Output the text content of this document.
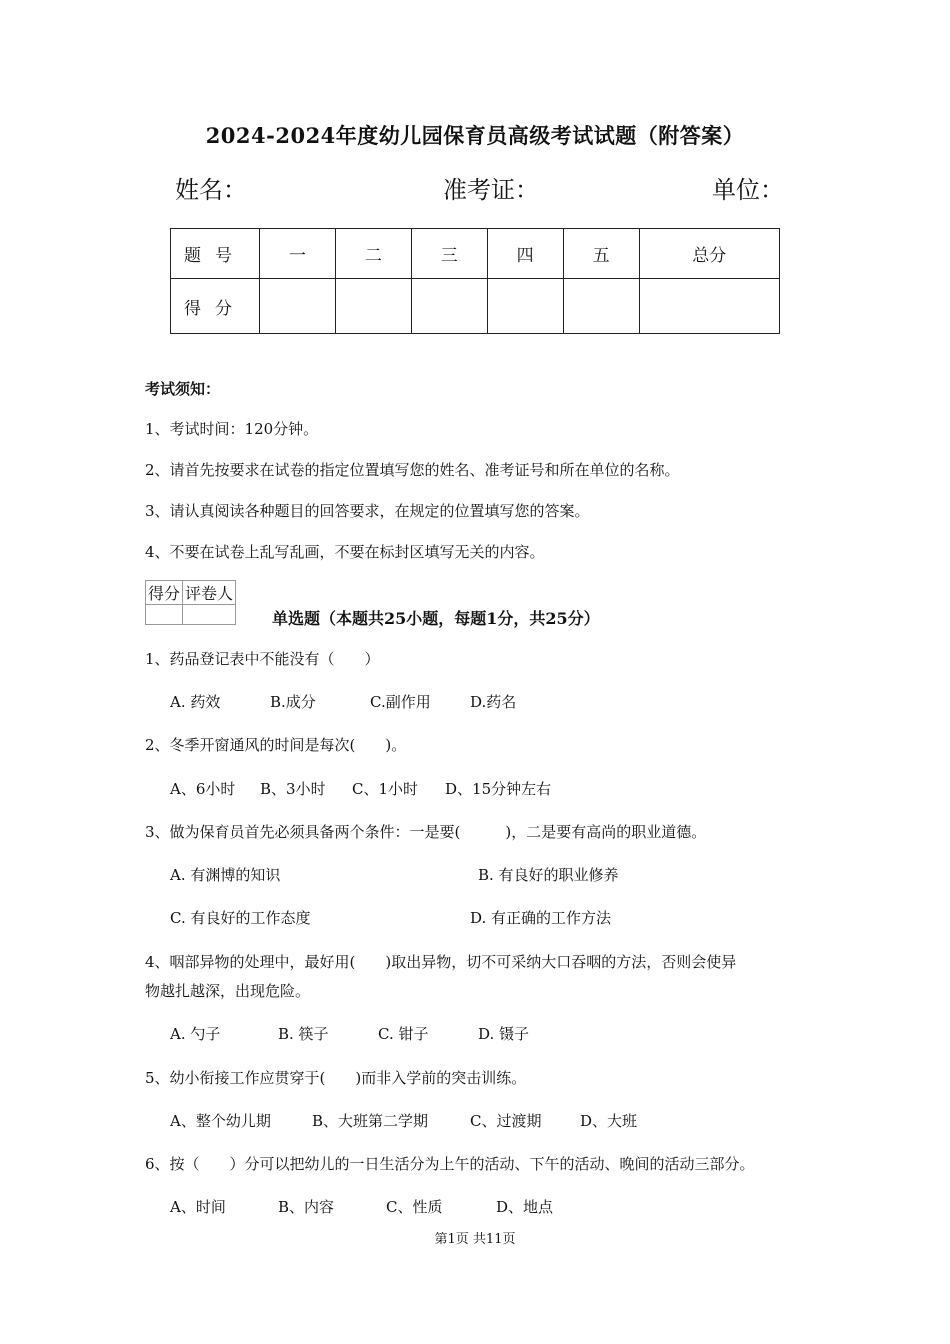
2024-2024年度幼儿园保育员高级考试试题（附答案）
姓名：	准考证：	单位：
题号	一	二	三	四	五	总分
得分						
考试须知：
1、考试时间：120分钟。
2、请首先按要求在试卷的指定位置填写您的姓名、准考证号和所在单位的名称。
3、请认真阅读各种题目的回答要求，在规定的位置填写您的答案。
4、不要在试卷上乱写乱画，不要在标封区填写无关的内容。
得分	评卷人

单选题（本题共25小题，每题1分，共25分）
1、药品登记表中不能没有（　　）
A. 药效	B.成分	C.副作用	D.药名
2、冬季开窗通风的时间是每次(　　)。
A、6小时 B、3小时 C、1小时 D、15分钟左右
3、做为保育员首先必须具备两个条件：一是要(　　　)，二是要有高尚的职业道德。
A. 有渊博的知识	B. 有良好的职业修养
C. 有良好的工作态度	D. 有正确的工作方法
4、咽部异物的处理中，最好用(　　)取出异物，切不可采纳大口吞咽的方法，否则会使异
物越扎越深，出现危险。
A. 勺子	B. 筷子	C. 钳子	D. 镊子
5、幼小衔接工作应贯穿于(　　)而非入学前的突击训练。
A、整个幼儿期	B、大班第二学期	C、过渡期	D、大班
6、按（　　）分可以把幼儿的一日生活分为上午的活动、下午的活动、晚间的活动三部分。
A、时间	B、内容	C、性质	D、地点
第1页 共11页
